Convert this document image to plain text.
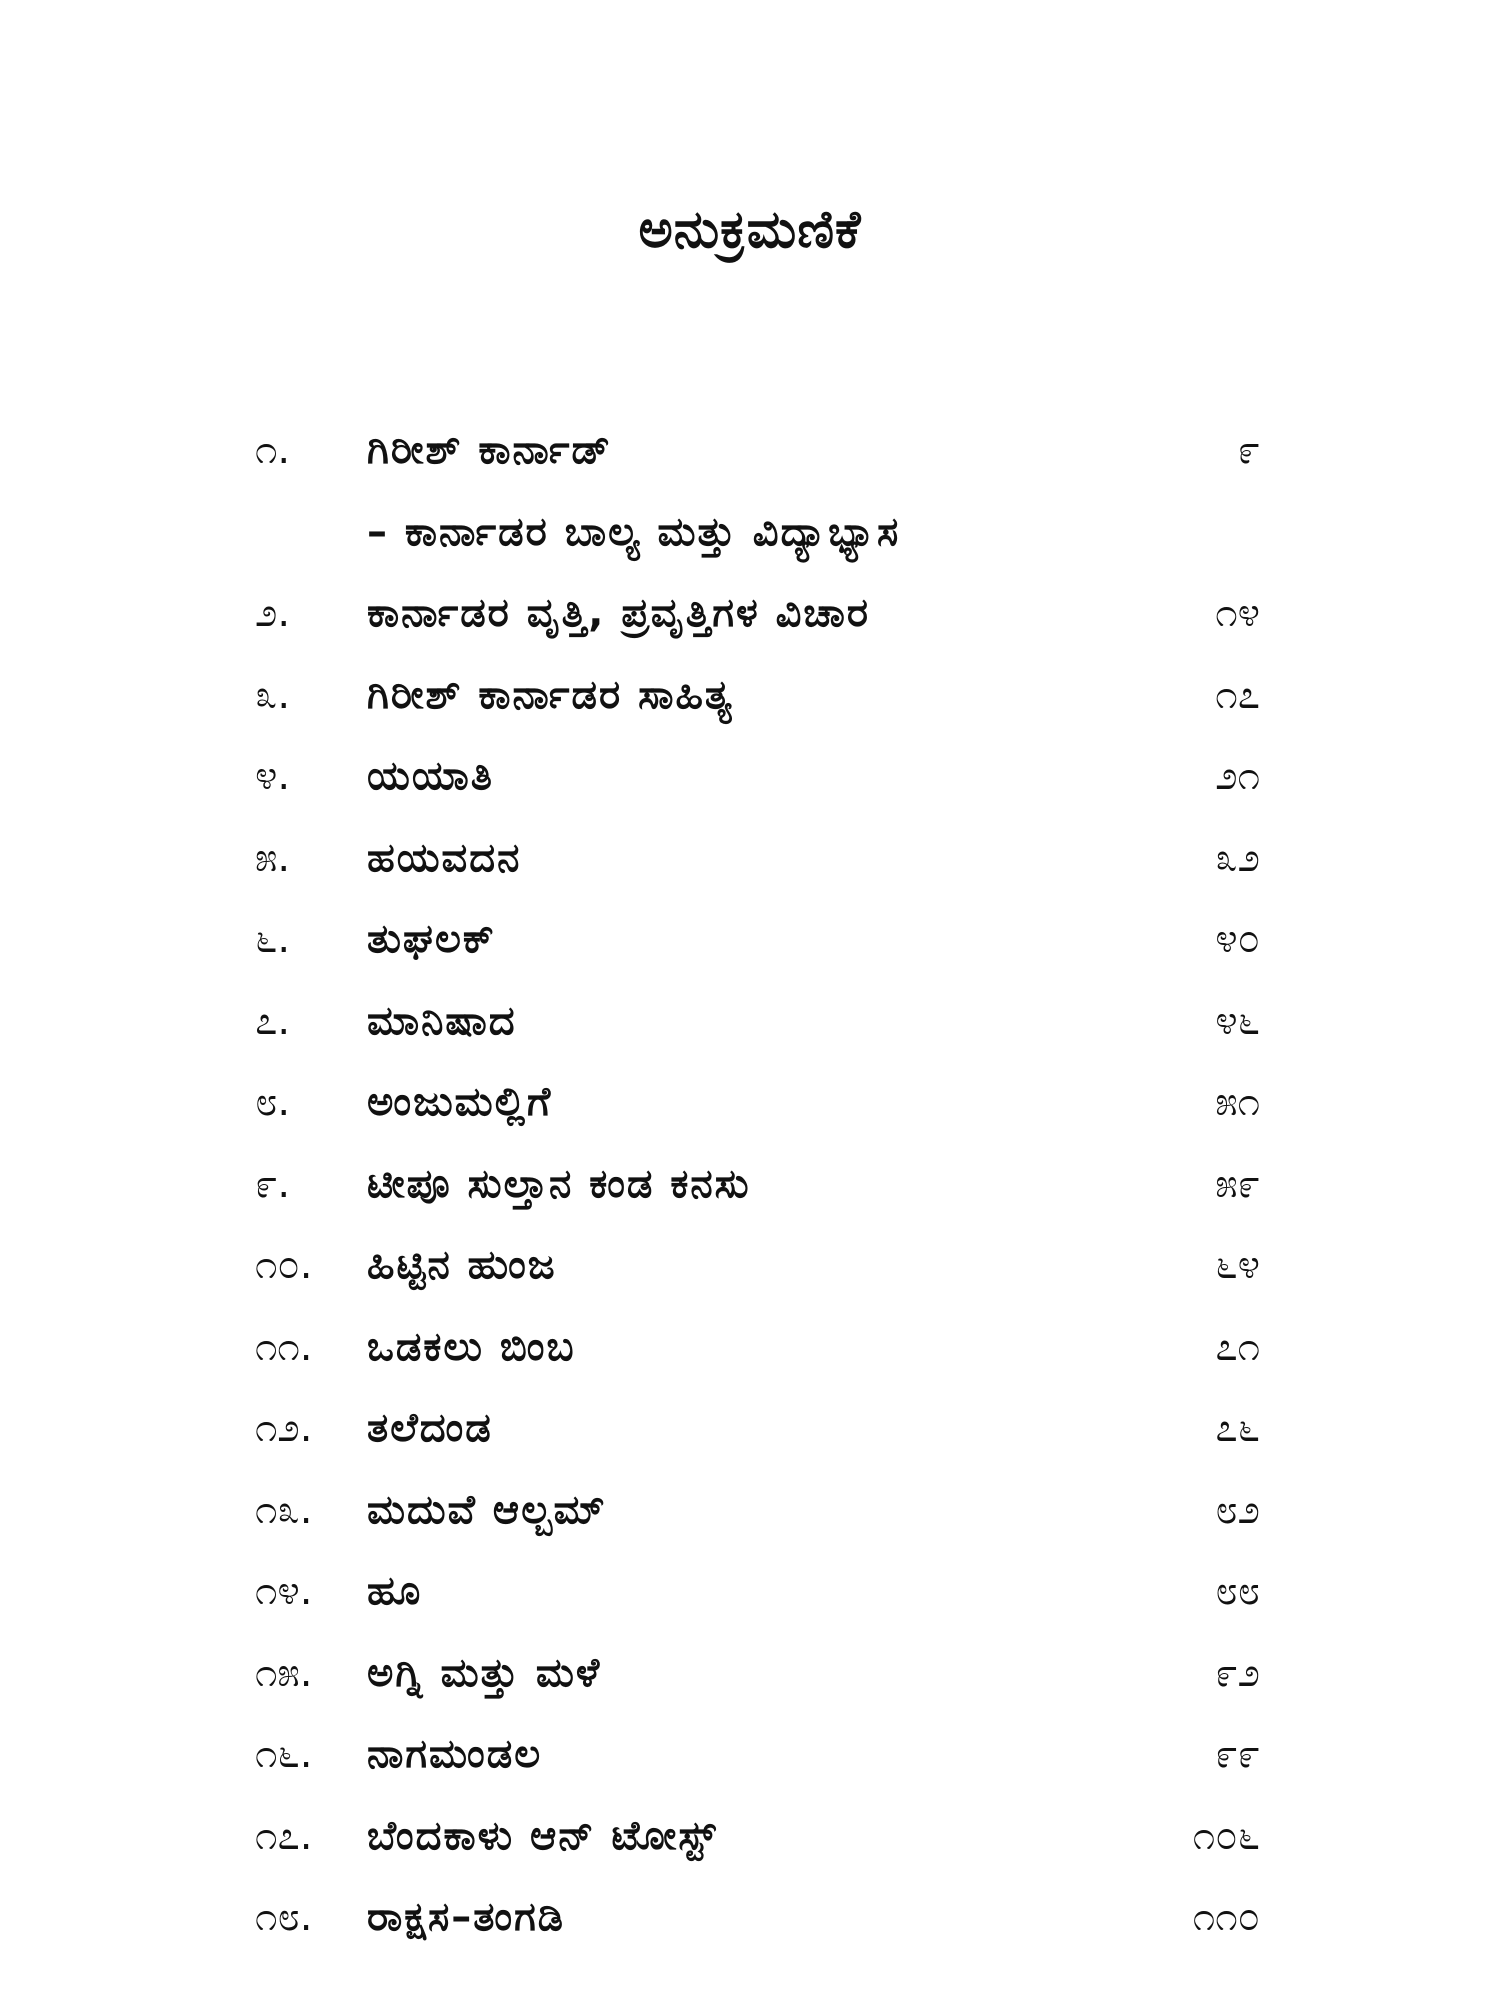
ಅನುಕ್ರಮಣಿಕೆ
೧.	ಗಿರೀಶ್ ಕಾರ್ನಾಡ್	೯
– ಕಾರ್ನಾಡರ ಬಾಲ್ಯ ಮತ್ತು ವಿದ್ಯಾಭ್ಯಾಸ
೨.	ಕಾರ್ನಾಡರ ವೃತ್ತಿ, ಪ್ರವೃತ್ತಿಗಳ ವಿಚಾರ	೧೪
೩.	ಗಿರೀಶ್ ಕಾರ್ನಾಡರ ಸಾಹಿತ್ಯ	೧೭
೪.	ಯಯಾತಿ	೨೧
೫.	ಹಯವದನ	೩೨
೬.	ತುಘಲಕ್	೪೦
೭.	ಮಾನಿಷಾದ	೪೬
೮.	ಅಂಜುಮಲ್ಲಿಗೆ	೫೧
೯.	ಟೀಪೂ ಸುಲ್ತಾನ ಕಂಡ ಕನಸು	೫೯
೧೦.	ಹಿಟ್ಟಿನ ಹುಂಜ	೬೪
೧೧.	ಒಡಕಲು ಬಿಂಬ	೭೧
೧೨.	ತಲೆದಂಡ	೭೬
೧೩.	ಮದುವೆ ಆಲ್ಬಮ್	೮೨
೧೪.	ಹೂ	೮೮
೧೫.	ಅಗ್ನಿ ಮತ್ತು ಮಳೆ	೯೨
೧೬.	ನಾಗಮಂಡಲ	೯೯
೧೭.	ಬೆಂದಕಾಳು ಆನ್ ಟೋಸ್ಟ್	೧೦೬
೧೮.	ರಾಕ್ಷಸ–ತಂಗಡಿ	೧೧೦
